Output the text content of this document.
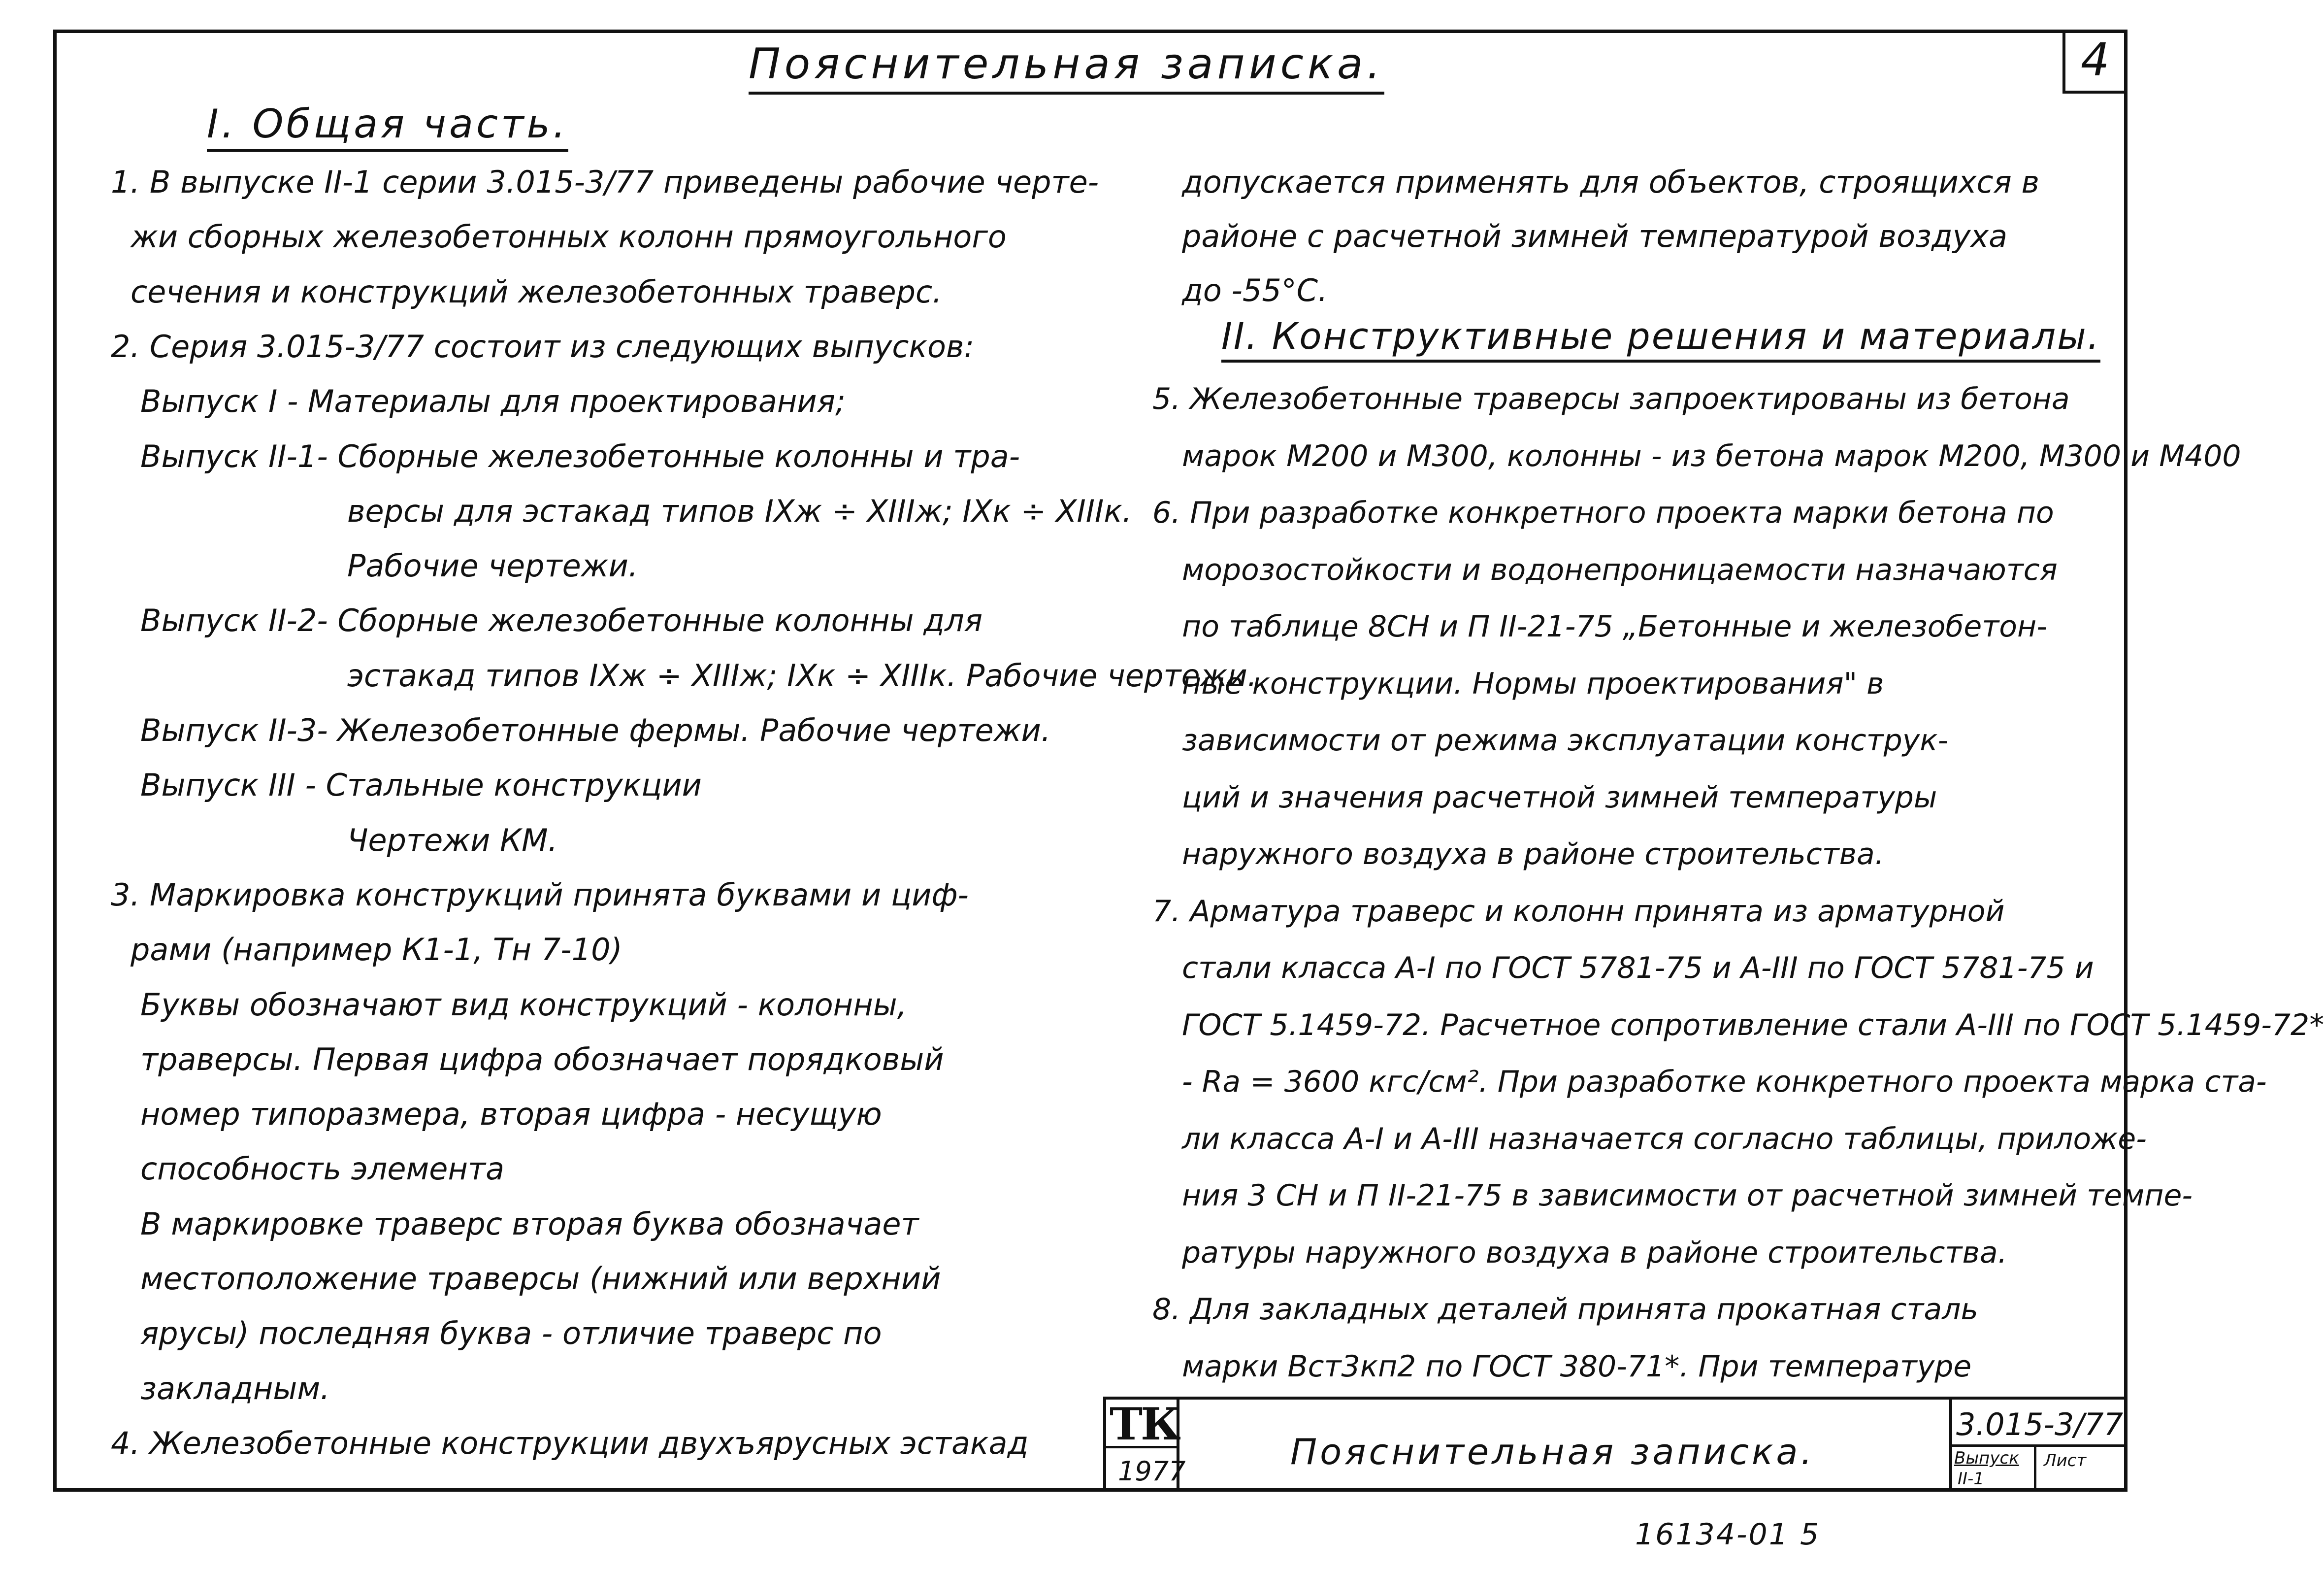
4
Пояснительная записка.
I. Общая часть.
1. В выпуске II-1 серии 3.015-3/77 приведены рабочие черте-
жи сборных железобетонных колонн прямоугольного
сечения и конструкций железобетонных траверс.
2. Серия 3.015-3/77 состоит из следующих выпусков:
Выпуск I - Материалы для проектирования;
Выпуск II-1- Сборные железобетонные колонны и тра-
версы для эстакад типов IXж ÷ XIIIж; IXк ÷ XIIIк.
Рабочие чертежи.
Выпуск II-2- Сборные железобетонные колонны для
эстакад типов IXж ÷ XIIIж; IXк ÷ XIIIк. Рабочие чертежи.
Выпуск II-3- Железобетонные фермы. Рабочие чертежи.
Выпуск III - Стальные конструкции
Чертежи КМ.
3. Маркировка конструкций принята буквами и циф-
рами (например К1-1, Тн 7-10)
Буквы обозначают вид конструкций - колонны,
траверсы. Первая цифра обозначает порядковый
номер типоразмера, вторая цифра - несущую
способность элемента
В маркировке траверс вторая буква обозначает
местоположение траверсы (нижний или верхний
ярусы) последняя буква - отличие траверс по
закладным.
4. Железобетонные конструкции двухъярусных эстакад
допускается применять для объектов, строящихся в
районе с расчетной зимней температурой воздуха
до -55°С.
II. Конструктивные решения и материалы.
5. Железобетонные траверсы запроектированы из бетона
марок М200 и М300, колонны - из бетона марок М200, М300 и М400
6. При разработке конкретного проекта марки бетона по
морозостойкости и водонепроницаемости назначаются
по таблице 8СН и П II-21-75 „Бетонные и железобетон-
ные конструкции. Нормы проектирования" в
зависимости от режима эксплуатации конструк-
ций и значения расчетной зимней температуры
наружного воздуха в районе строительства.
7. Арматура траверс и колонн принята из арматурной
стали класса А-I по ГОСТ 5781-75 и А-III по ГОСТ 5781-75 и
ГОСТ 5.1459-72. Расчетное сопротивление стали А-III по ГОСТ 5.1459-72*
- Ra = 3600 кгс/см². При разработке конкретного проекта марка ста-
ли класса А-I и А-III назначается согласно таблицы, приложе-
ния 3 СН и П II-21-75 в зависимости от расчетной зимней темпе-
ратуры наружного воздуха в районе строительства.
8. Для закладных деталей принята прокатная сталь
марки Вст3кп2 по ГОСТ 380-71*. При температуре
ТК
1977	Пояснительная записка.
3.015-3/77
Выпуск
II-1
Лист
16134-01 5
